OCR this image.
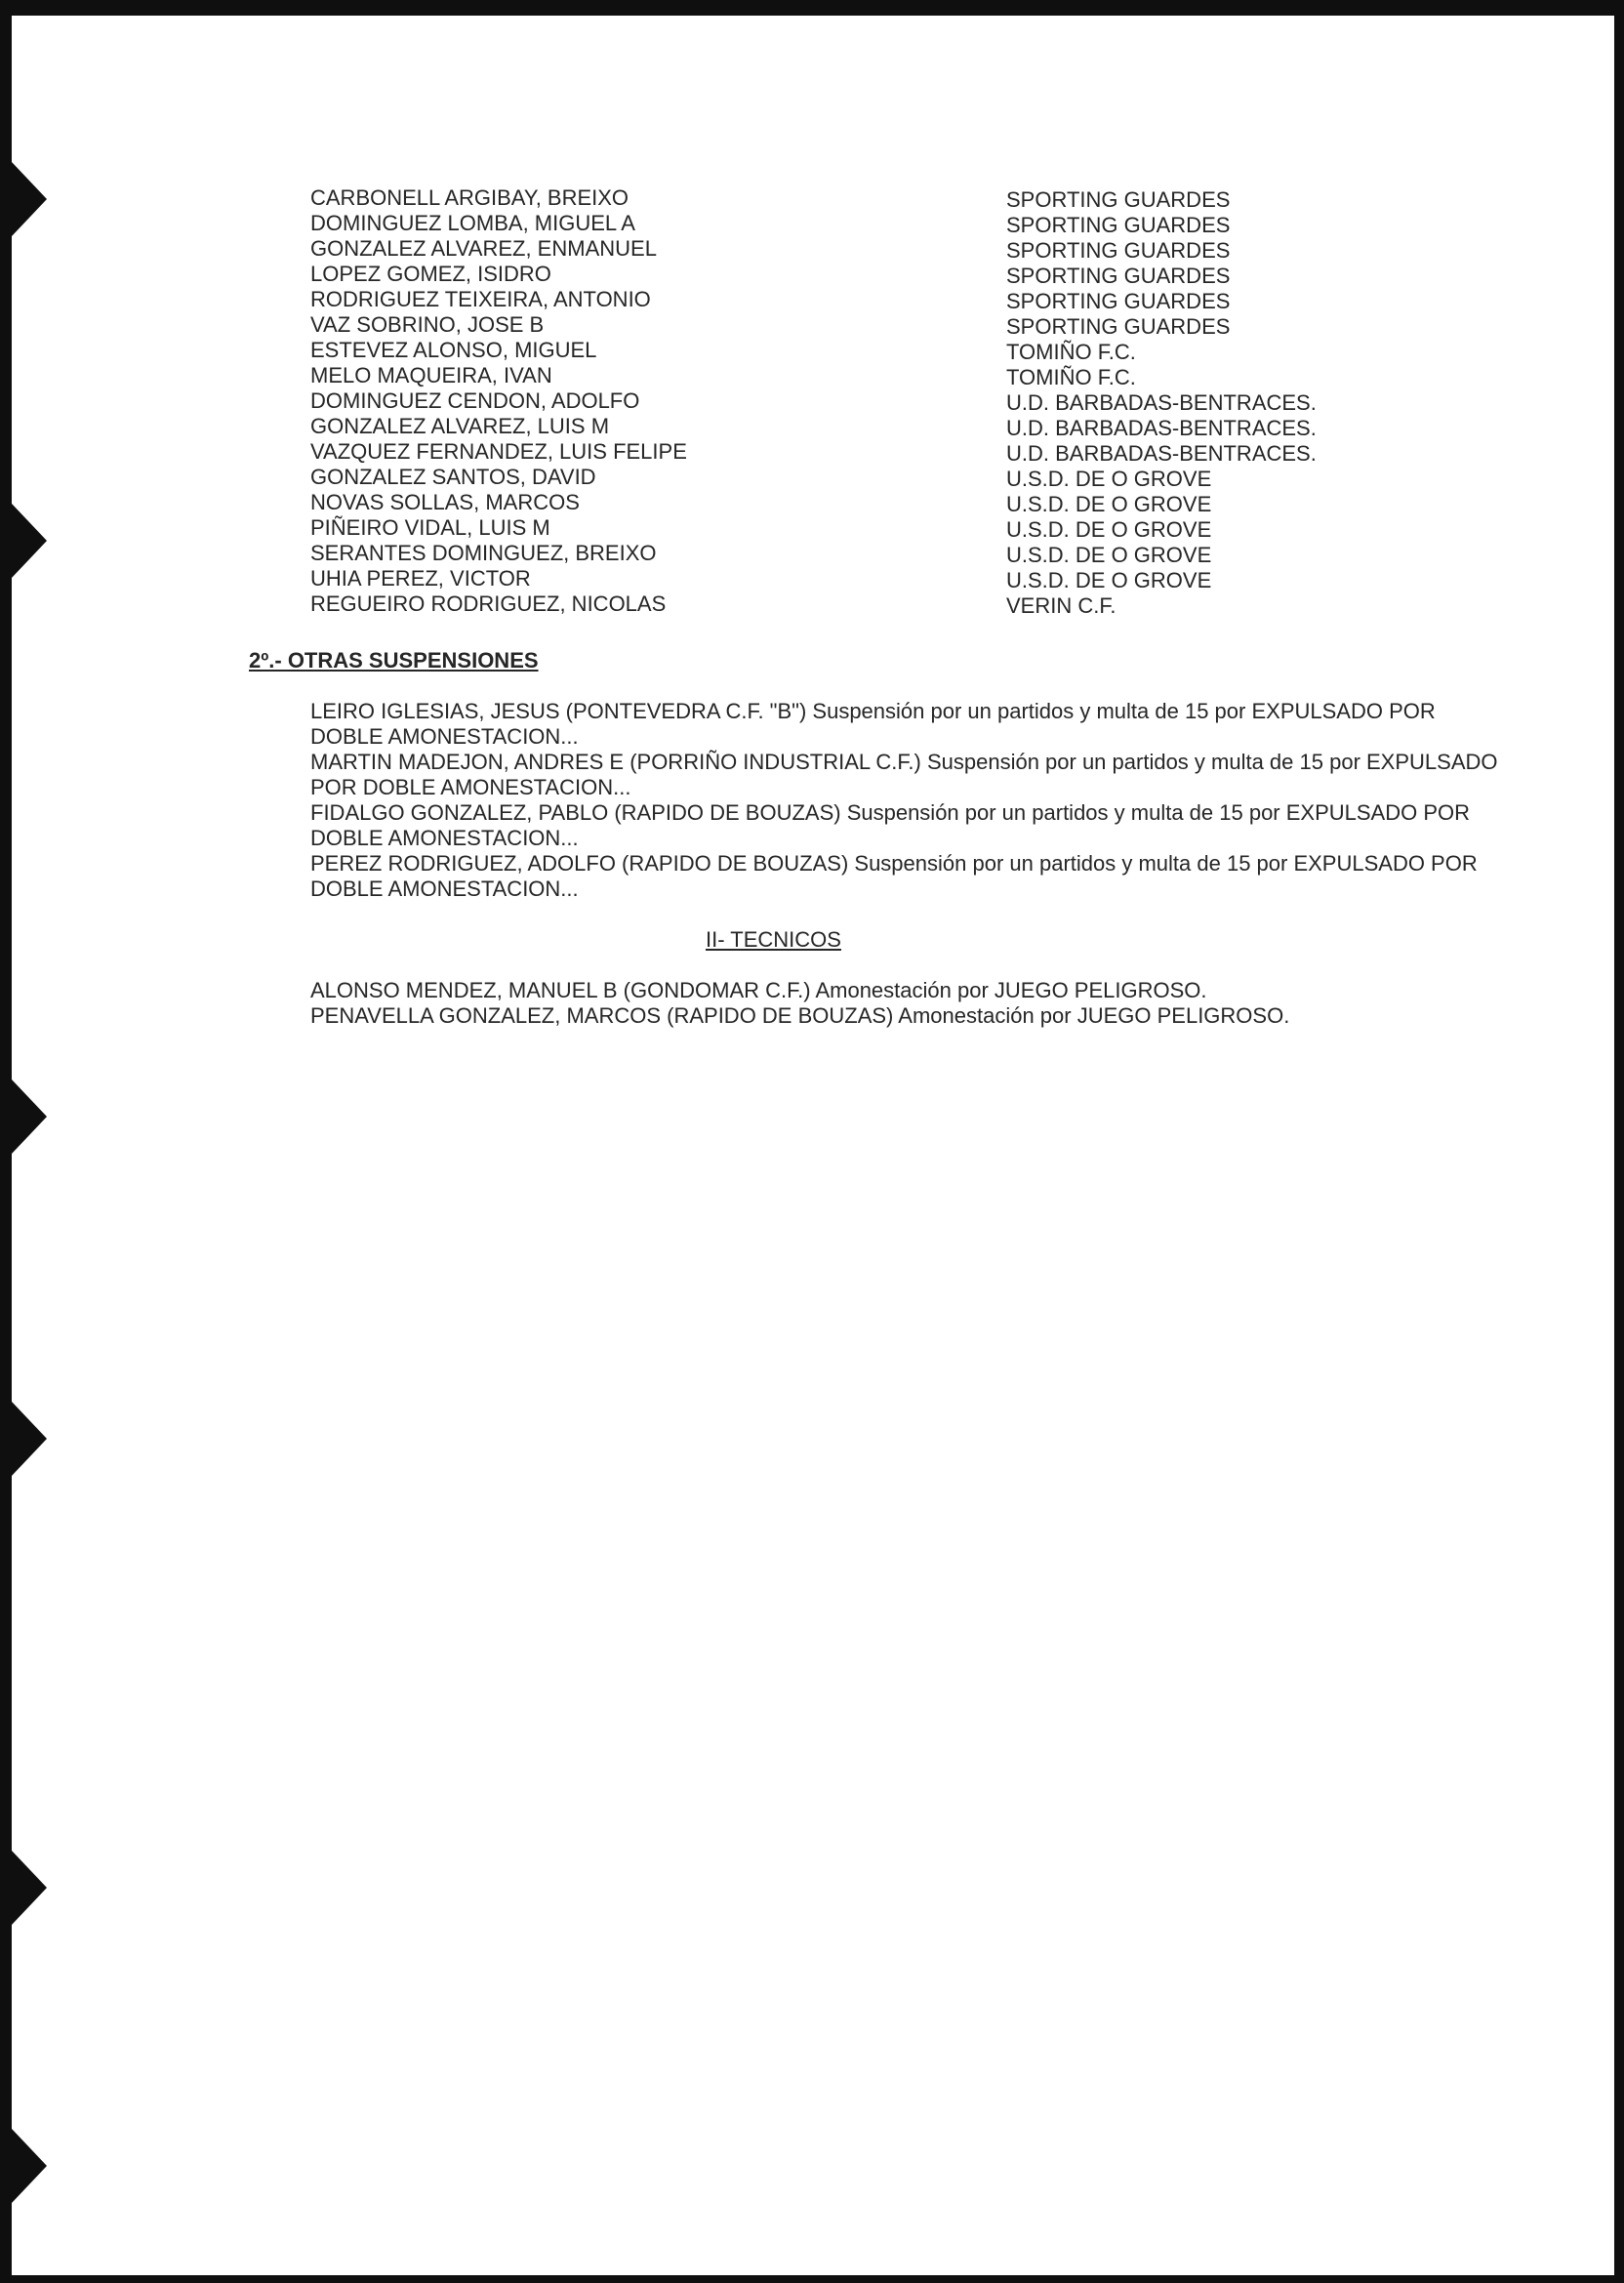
CARBONELL ARGIBAY, BREIXO	SPORTING GUARDES
DOMINGUEZ LOMBA, MIGUEL A	SPORTING GUARDES
GONZALEZ ALVAREZ, ENMANUEL	SPORTING GUARDES
LOPEZ GOMEZ, ISIDRO	SPORTING GUARDES
RODRIGUEZ TEIXEIRA, ANTONIO	SPORTING GUARDES
VAZ SOBRINO, JOSE B	SPORTING GUARDES
ESTEVEZ ALONSO, MIGUEL	TOMIÑO F.C.
MELO MAQUEIRA, IVAN	TOMIÑO F.C.
DOMINGUEZ CENDON, ADOLFO	U.D. BARBADAS-BENTRACES.
GONZALEZ ALVAREZ, LUIS M	U.D. BARBADAS-BENTRACES.
VAZQUEZ FERNANDEZ, LUIS FELIPE	U.D. BARBADAS-BENTRACES.
GONZALEZ SANTOS, DAVID	U.S.D. DE O GROVE
NOVAS SOLLAS, MARCOS	U.S.D. DE O GROVE
PIÑEIRO VIDAL, LUIS M	U.S.D. DE O GROVE
SERANTES DOMINGUEZ, BREIXO	U.S.D. DE O GROVE
UHIA PEREZ, VICTOR	U.S.D. DE O GROVE
REGUEIRO RODRIGUEZ, NICOLAS	VERIN C.F.
2º.- OTRAS SUSPENSIONES

LEIRO IGLESIAS, JESUS (PONTEVEDRA C.F. "B") Suspensión por un partidos y multa de 15 por EXPULSADO POR DOBLE AMONESTACION...

MARTIN MADEJON, ANDRES E (PORRIÑO INDUSTRIAL C.F.) Suspensión por un partidos y multa de 15 por EXPULSADO POR DOBLE AMONESTACION...

FIDALGO GONZALEZ, PABLO (RAPIDO DE BOUZAS) Suspensión por un partidos y multa de 15 por EXPULSADO POR DOBLE AMONESTACION...

PEREZ RODRIGUEZ, ADOLFO (RAPIDO DE BOUZAS) Suspensión por un partidos y multa de 15 por EXPULSADO POR DOBLE AMONESTACION...

II- TECNICOS

ALONSO MENDEZ, MANUEL B (GONDOMAR C.F.) Amonestación por JUEGO PELIGROSO.

PENAVELLA GONZALEZ, MARCOS (RAPIDO DE BOUZAS) Amonestación por JUEGO PELIGROSO.
